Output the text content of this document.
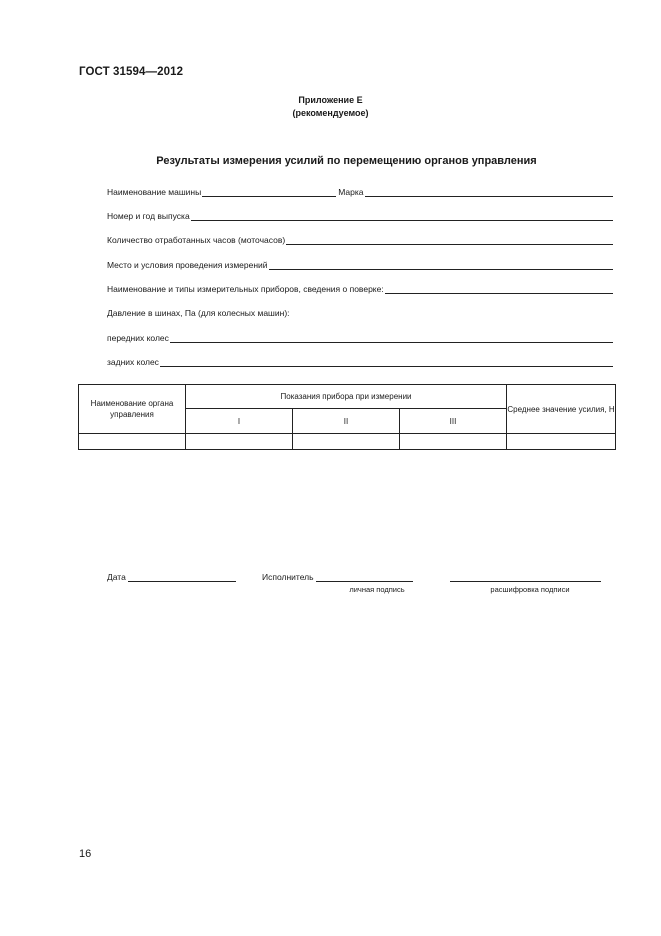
ГОСТ 31594—2012
Приложение Е
(рекомендуемое)
Результаты измерения усилий по перемещению органов управления
Наименование машины	Марка
Номер и год выпуска
Количество отработанных часов (моточасов)
Место и условия проведения измерений
Наименование и типы измерительных приборов, сведения о поверке:
Давление в шинах, Па (для колесных машин):
передних колес
задних колес
Наименование органа управления	Показания прибора при измерении			Среднее значение усилия, Н
	I	II	III	

Дата	Исполнитель
личная подпись	расшифровка подписи
16
